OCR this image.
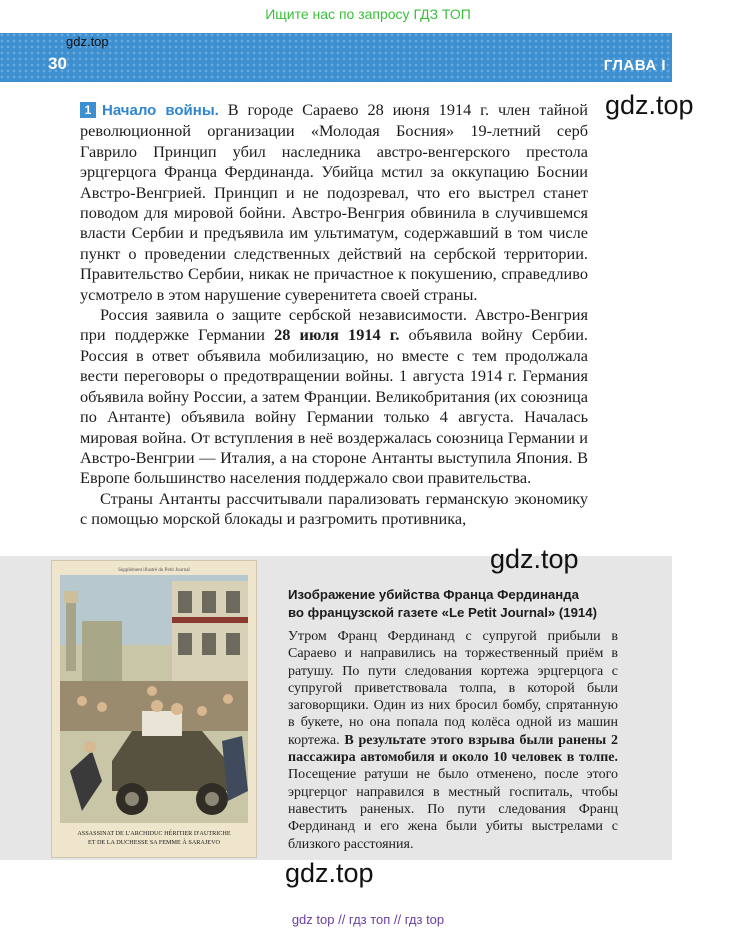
Ищите нас по запросу ГДЗ ТОП
30	ГЛАВА I
gdz.top

1 Начало войны. В городе Сараево 28 июня 1914 г. член тайной революционной организации «Молодая Босния» 19-летний серб Гаврило Принцип убил наследника австро-венгерского престола эрцгерцога Франца Фердинанда. Убийца мстил за оккупацию Боснии Австро-Венгрией. Принцип и не подозревал, что его выстрел станет поводом для мировой бойни. Австро-Венгрия обвинила в случившемся власти Сербии и предъявила им ультиматум, содержавший в том числе пункт о проведении следственных действий на сербской территории. Правительство Сербии, никак не причастное к покушению, справедливо усмотрело в этом нарушение суверенитета своей страны.

Россия заявила о защите сербской независимости. Австро-Венгрия при поддержке Германии 28 июля 1914 г. объявила войну Сербии. Россия в ответ объявила мобилизацию, но вместе с тем продолжала вести переговоры о предотвращении войны. 1 августа 1914 г. Германия объявила войну России, а затем Франции. Великобритания (их союзница по Антанте) объявила войну Германии только 4 августа. Началась мировая война. От вступления в неё воздержалась союзница Германии и Австро-Венгрии — Италия, а на стороне Антанты выступила Япония. В Европе большинство населения поддержало свои правительства.

Страны Антанты рассчитывали парализовать германскую экономику с помощью морской блокады и разгромить противника,

gdz.top
gdz.top
Supplément illustré du Petit Journal
ASSASSINAT DE L'ARCHIDUC HÉRITIER D'AUTRICHE
ET DE LA DUCHESSE SA FEMME À SARAJEVO
Изображение убийства Франца Фердинанда
во французской газете «Le Petit Journal» (1914)
Утром Франц Фердинанд с супругой прибыли в Сараево и направились на торжественный приём в ратушу. По пути следования кортежа эрцгерцога с супругой приветствовала толпа, в которой были заговорщики. Один из них бросил бомбу, спрятанную в букете, но она попала под колёса одной из машин кортежа. В результате этого взрыва были ранены 2 пассажира автомобиля и около 10 человек в толпе. Посещение ратуши не было отменено, после этого эрцгерцог направился в местный госпиталь, чтобы навестить раненых. По пути следования Франц Фердинанд и его жена были убиты выстрелами с близкого расстояния.
gdz.top
gdz top // гдз топ // гдз top
